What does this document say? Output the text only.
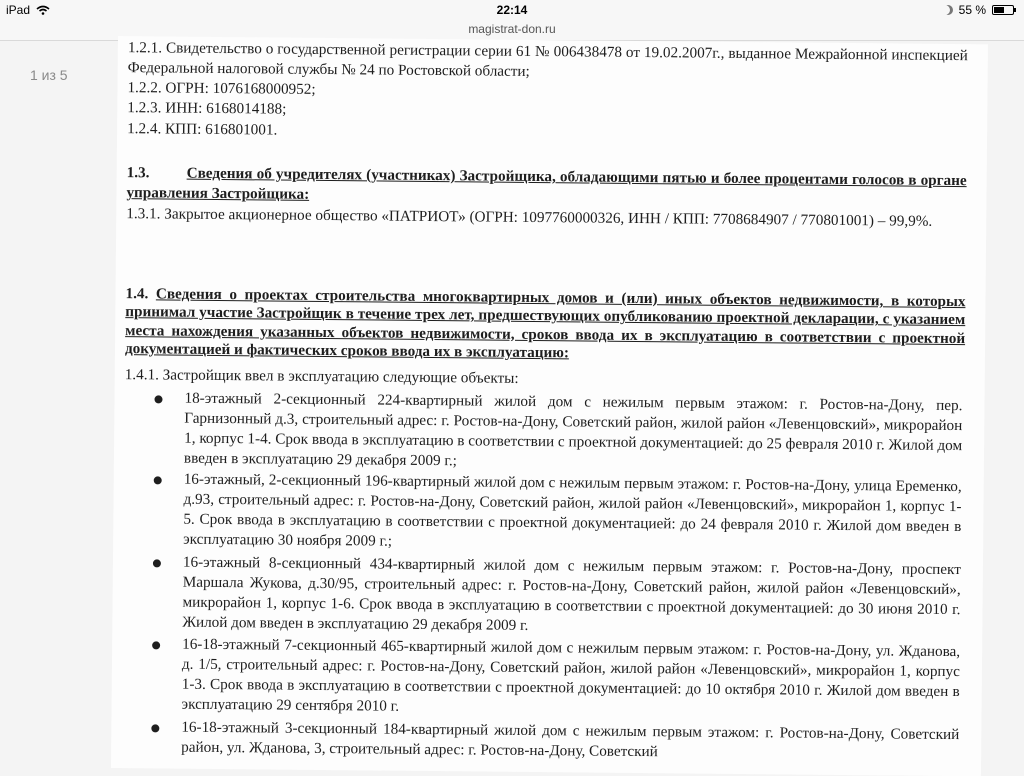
iPad	22:14	55 %
magistrat-don.ru
1 из 5
1.2.1. Свидетельство о государственной регистрации серии 61 № 006438478 от 19.02.2007г., выданное Межрайонной инспекцией Федеральной налоговой службы № 24 по Ростовской области;
1.2.2. ОГРН: 1076168000952;
1.2.3. ИНН: 6168014188;
1.2.4. КПП: 616801001.
1.3. Сведения об учредителях (участниках) Застройщика, обладающими пятью и более процентами голосов в органе управления Застройщика:
1.3.1. Закрытое акционерное общество «ПАТРИОТ» (ОГРН: 1097760000326, ИНН / КПП: 7708684907 / 770801001) – 99,9%.
1.4. Сведения о проектах строительства многоквартирных домов и (или) иных объектов недвижимости, в которых принимал участие Застройщик в течение трех лет, предшествующих опубликованию проектной декларации, с указанием места нахождения указанных объектов недвижимости, сроков ввода их в эксплуатацию в соответствии с проектной документацией и фактических сроков ввода их в эксплуатацию:
1.4.1. Застройщик ввел в эксплуатацию следующие объекты:
18-этажный 2-секционный 224-квартирный жилой дом с нежилым первым этажом: г. Ростов-на-Дону, пер. Гарнизонный д.3, строительный адрес: г. Ростов-на-Дону, Советский район, жилой район «Левенцовский», микрорайон 1, корпус 1-4. Срок ввода в эксплуатацию в соответствии с проектной документацией: до 25 февраля 2010 г. Жилой дом введен в эксплуатацию 29 декабря 2009 г.;
16-этажный, 2-секционный 196-квартирный жилой дом с нежилым первым этажом: г. Ростов-на-Дону, улица Еременко, д.93, строительный адрес: г. Ростов-на-Дону, Советский район, жилой район «Левенцовский», микрорайон 1, корпус 1-5. Срок ввода в эксплуатацию в соответствии с проектной документацией: до 24 февраля 2010 г. Жилой дом введен в эксплуатацию 30 ноября 2009 г.;
16-этажный 8-секционный 434-квартирный жилой дом с нежилым первым этажом: г. Ростов-на-Дону, проспект Маршала Жукова, д.30/95, строительный адрес: г. Ростов-на-Дону, Советский район, жилой район «Левенцовский», микрорайон 1, корпус 1-6. Срок ввода в эксплуатацию в соответствии с проектной документацией: до 30 июня 2010 г. Жилой дом введен в эксплуатацию 29 декабря 2009 г.
16-18-этажный 7-секционный 465-квартирный жилой дом с нежилым первым этажом: г. Ростов-на-Дону, ул. Жданова, д. 1/5, строительный адрес: г. Ростов-на-Дону, Советский район, жилой район «Левенцовский», микрорайон 1, корпус 1-3. Срок ввода в эксплуатацию в соответствии с проектной документацией: до 10 октября 2010 г. Жилой дом введен в эксплуатацию 29 сентября 2010 г.
16-18-этажный 3-секционный 184-квартирный жилой дом с нежилым первым этажом: г. Ростов-на-Дону, Советский район, ул. Жданова, 3, строительный адрес: г. Ростов-на-Дону, Советский
